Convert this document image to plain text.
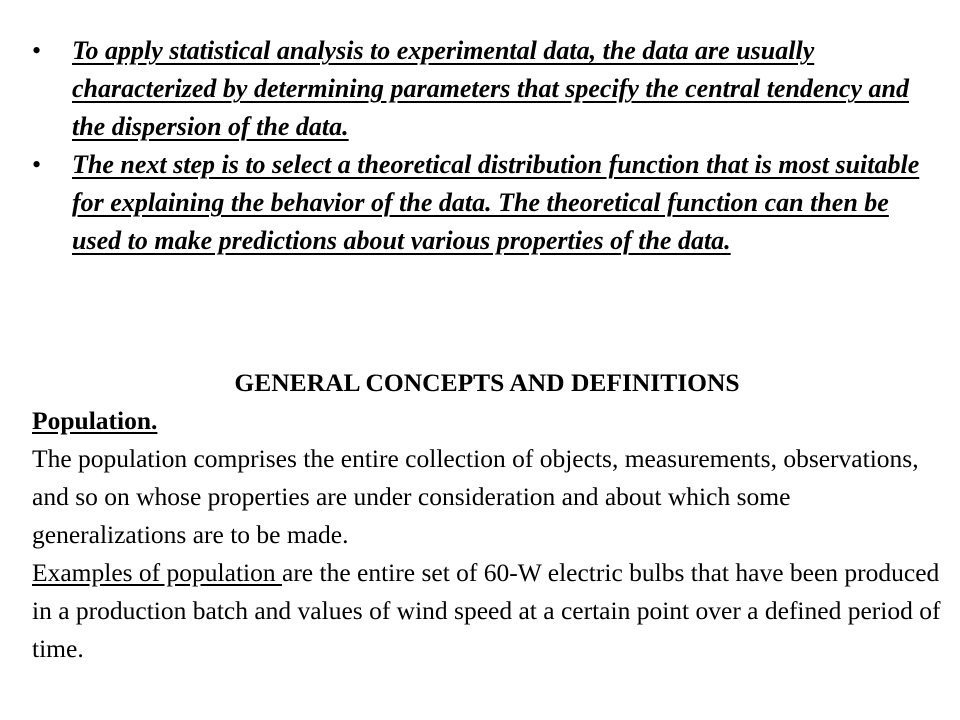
• To apply statistical analysis to experimental data, the data are usually characterized by determining parameters that specify the central tendency and the dispersion of the data.
• The next step is to select a theoretical distribution function that is most suitable for explaining the behavior of the data. The theoretical function can then be used to make predictions about various properties of the data.

GENERAL CONCEPTS AND DEFINITIONS

Population.

The population comprises the entire collection of objects, measurements, observations, and so on whose properties are under consideration and about which some generalizations are to be made.

Examples of population are the entire set of 60-W electric bulbs that have been produced in a production batch and values of wind speed at a certain point over a defined period of time.
